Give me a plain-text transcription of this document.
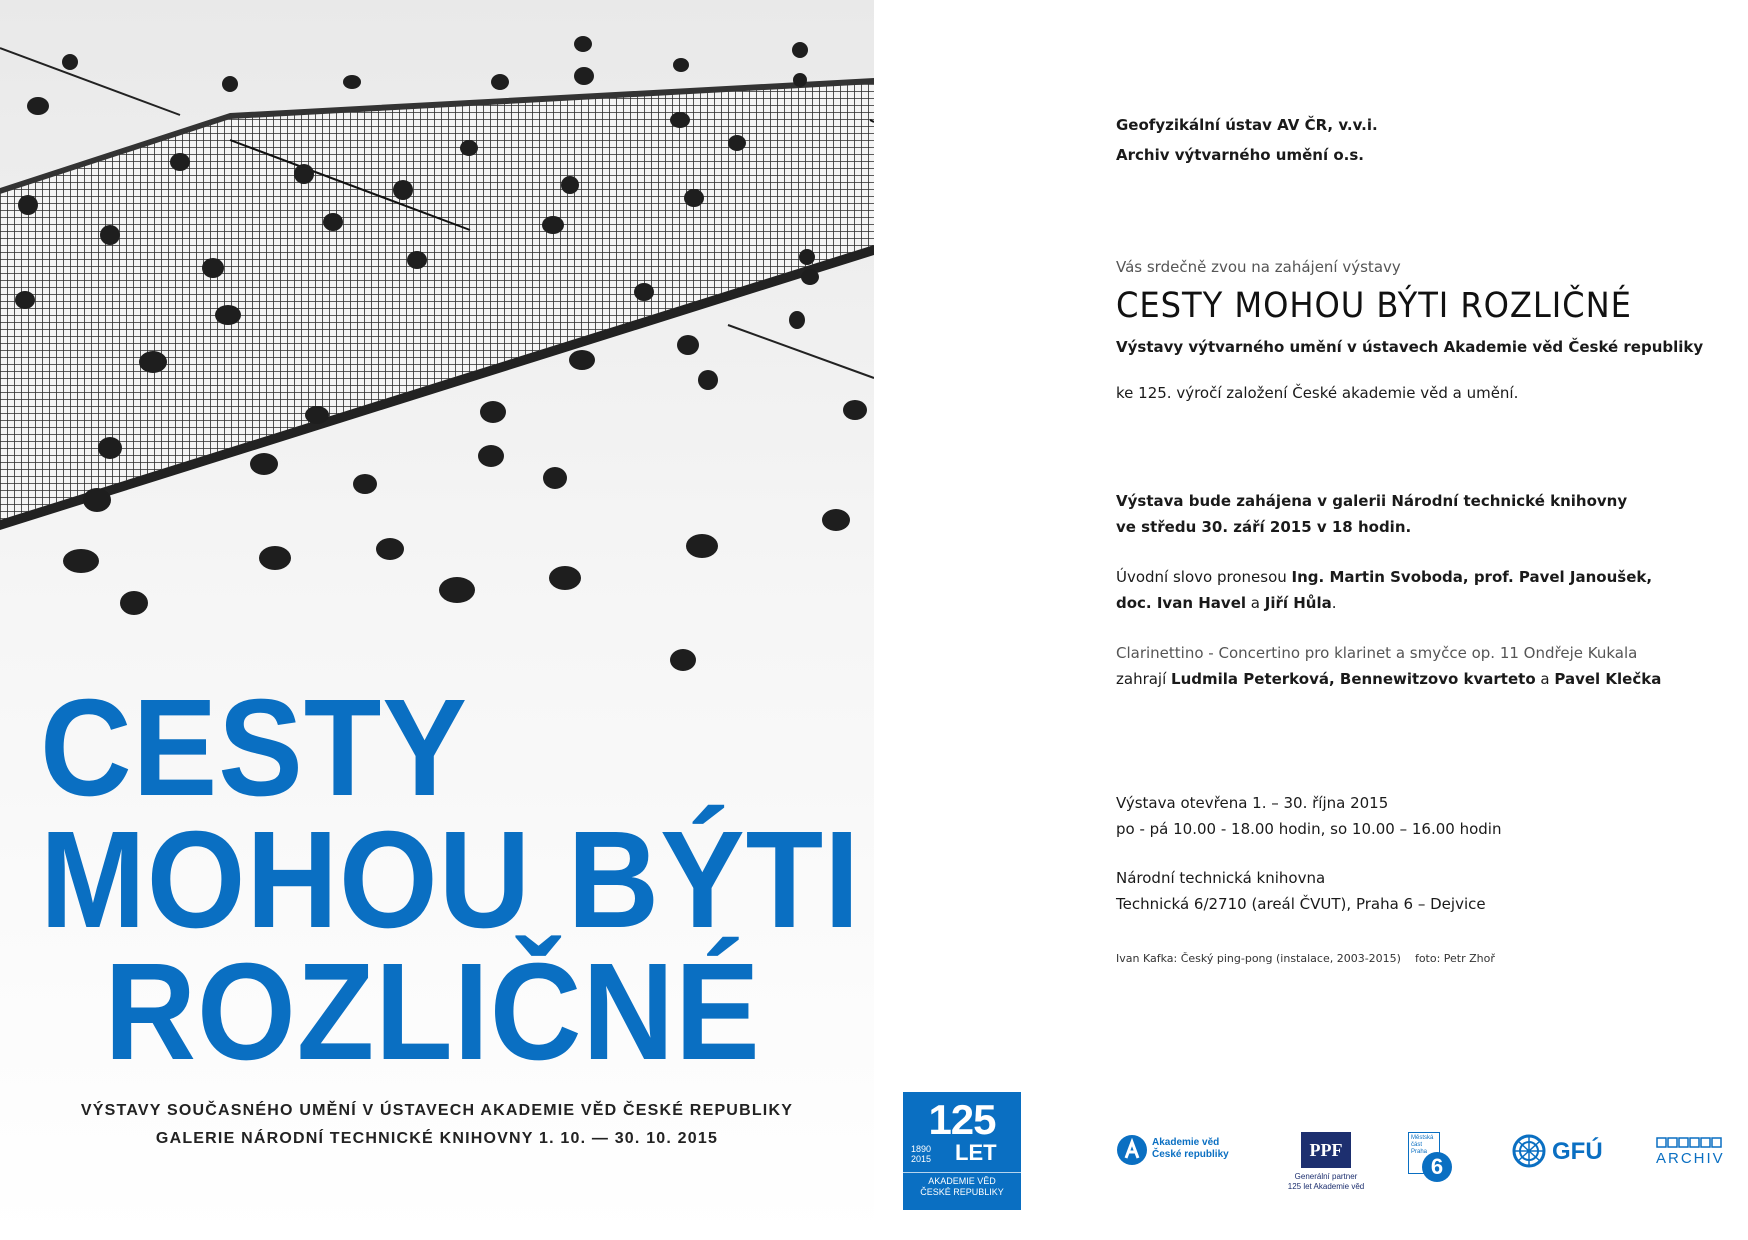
CESTY
MOHOU BÝTI
ROZLIČNÉ
VÝSTAVY SOUČASNÉHO UMĚNÍ V ÚSTAVECH AKADEMIE VĚD ČESKÉ REPUBLIKY
GALERIE NÁRODNÍ TECHNICKÉ KNIHOVNY 1. 10. — 30. 10. 2015	125
1890
2015 LET
AKADEMIE VĚD
ČESKÉ REPUBLIKY
Geofyzikální ústav AV ČR, v.v.i.
Archiv výtvarného umění o.s.
Vás srdečně zvou na zahájení výstavy
CESTY MOHOU BÝTI ROZLIČNÉ
Výstavy výtvarného umění v ústavech Akademie věd České republiky
ke 125. výročí založení České akademie věd a umění.
Výstava bude zahájena v galerii Národní technické knihovny
ve středu 30. září 2015 v 18 hodin.
Úvodní slovo pronesou Ing. Martin Svoboda, prof. Pavel Janoušek,
doc. Ivan Havel a Jiří Hůla.
Clarinettino - Concertino pro klarinet a smyčce op. 11 Ondřeje Kukala
zahrají Ludmila Peterková, Bennewitzovo kvarteto a Pavel Klečka
Výstava otevřena 1. – 30. října 2015
po - pá 10.00 - 18.00 hodin, so 10.00 – 16.00 hodin
Národní technická knihovna
Technická 6/2710 (areál ČVUT), Praha 6 – Dejvice
Ivan Kafka: Český ping-pong (instalace, 2003-2015)    foto: Petr Zhoř
Akademie věd
České republiky	PPF
Generální partner
125 let Akademie věd
Městská
část
Praha
6
GFÚ	ARCHIV
